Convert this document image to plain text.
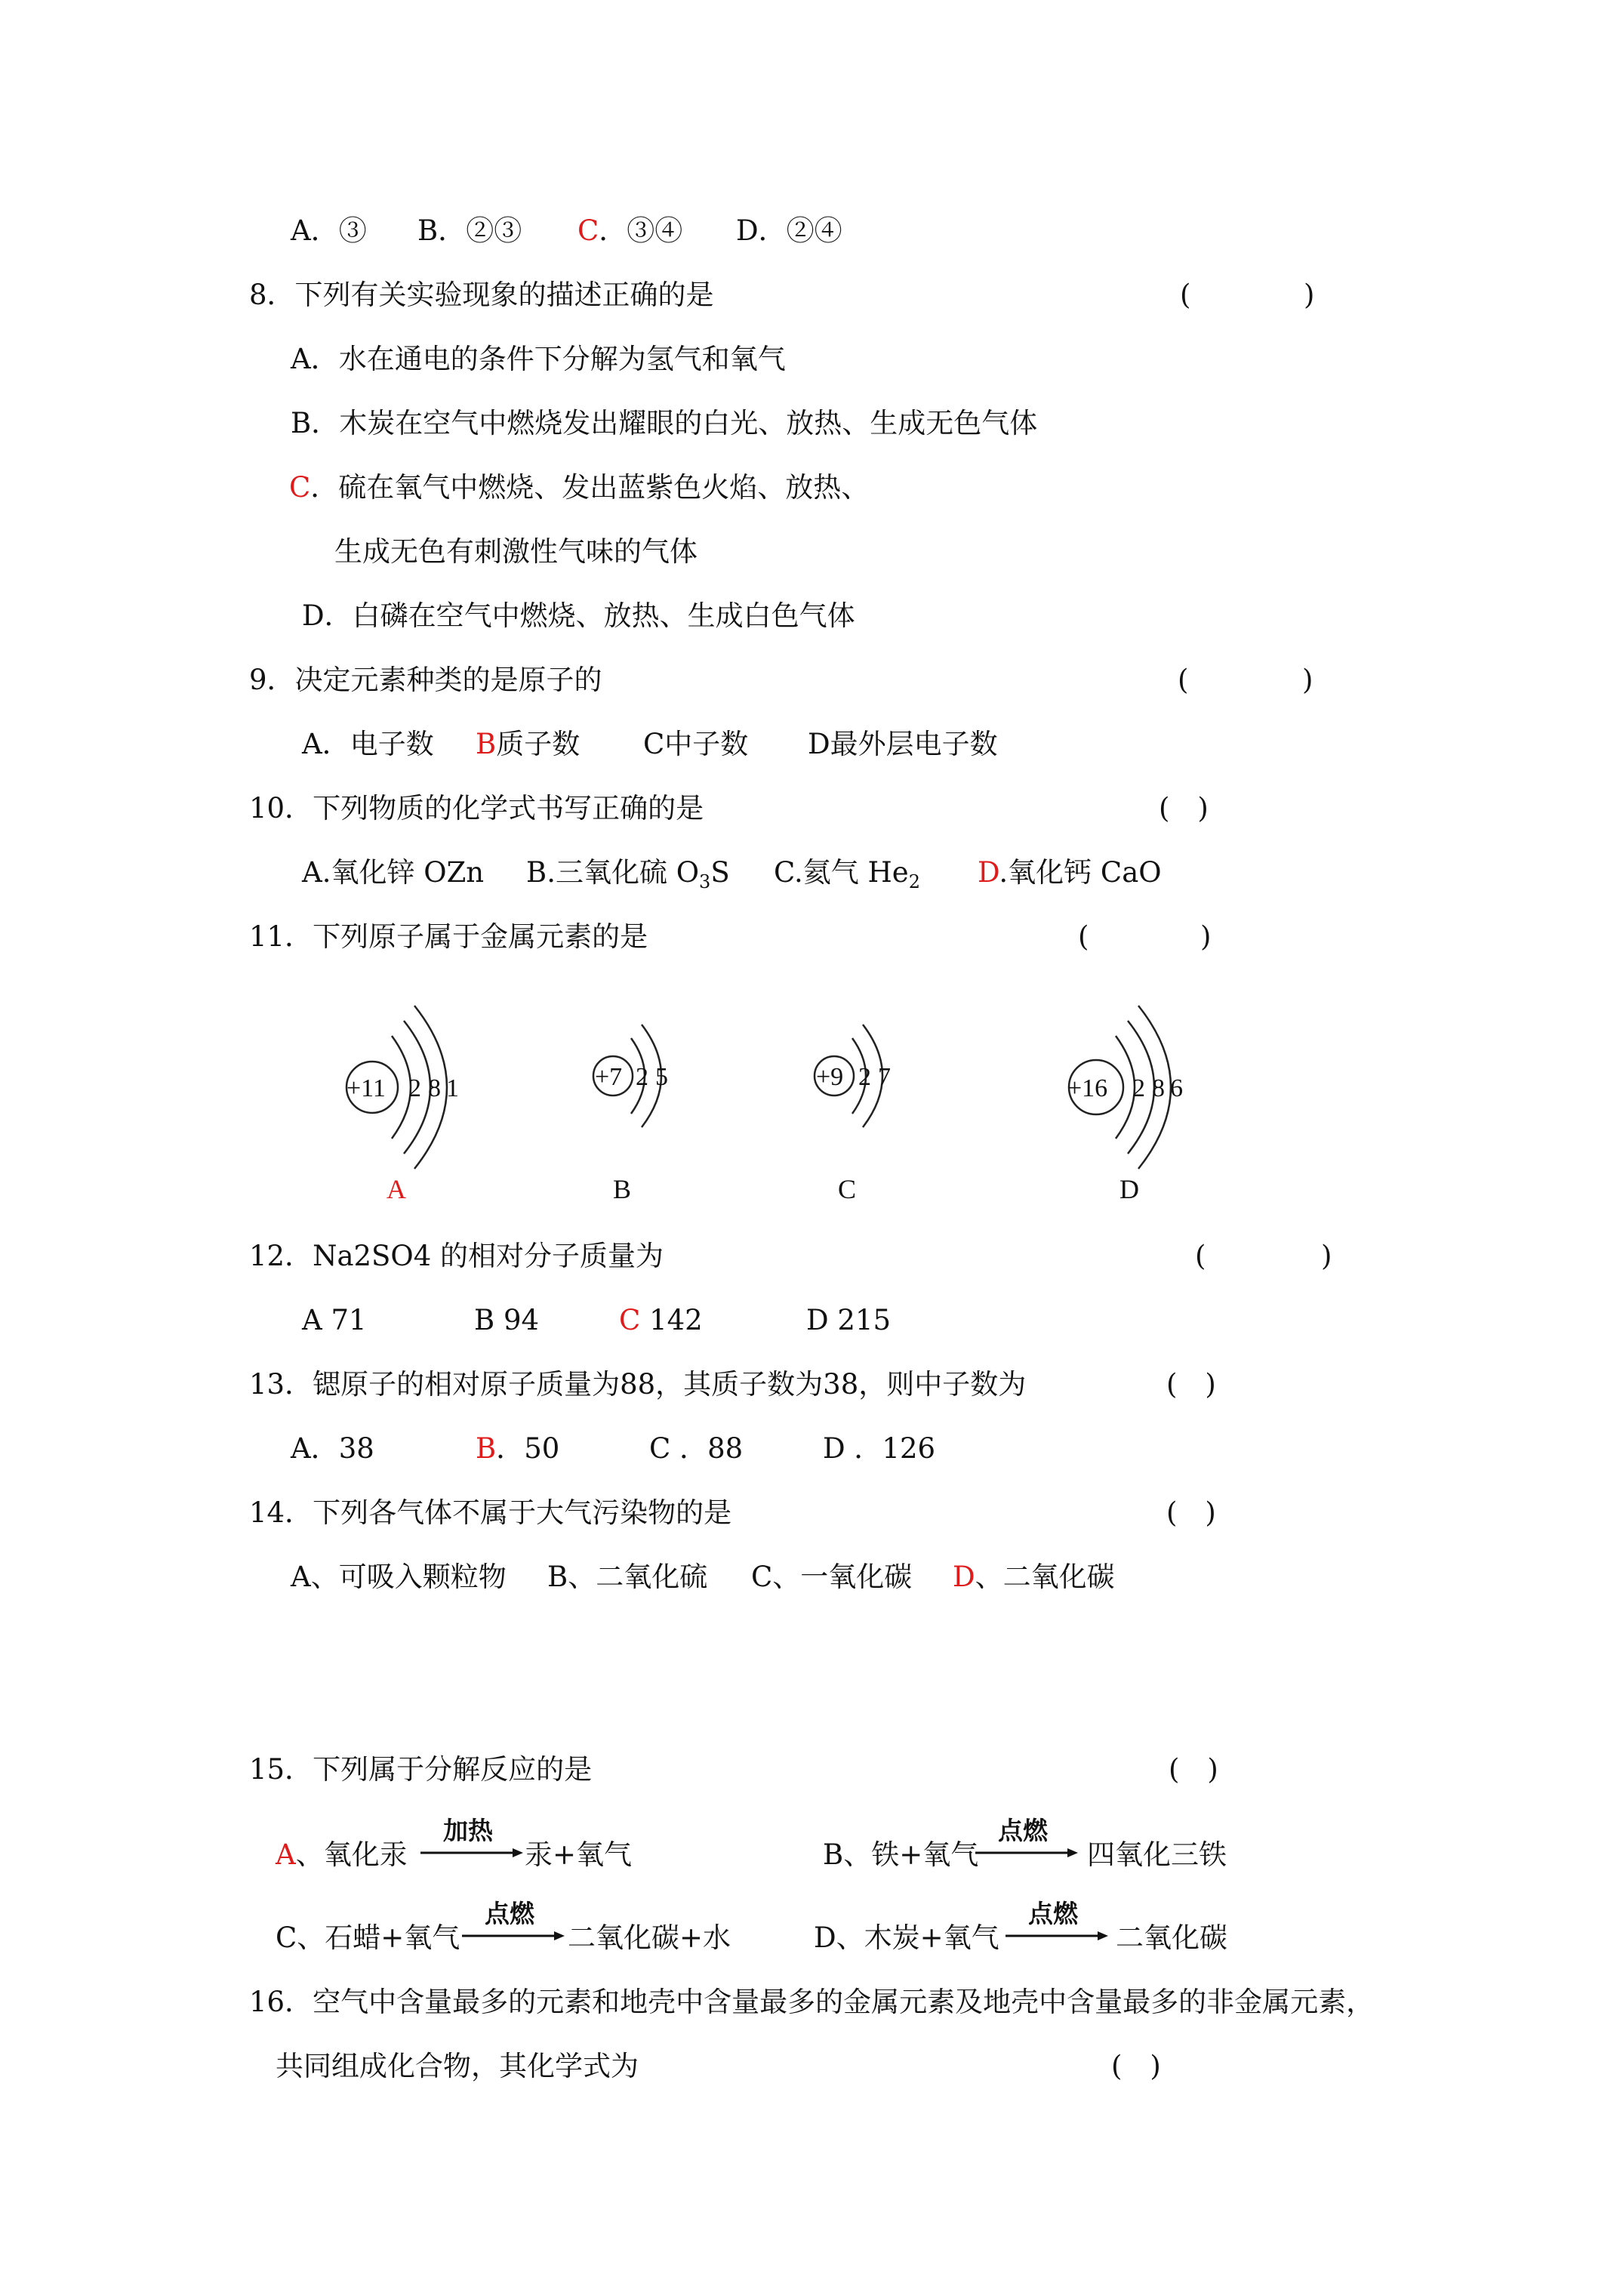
A．③ B．②③ C．③④ D．②④
8．下列有关实验现象的描述正确的是	(	)
A．水在通电的条件下分解为氢气和氧气
B．木炭在空气中燃烧发出耀眼的白光、放热、生成无色气体
C．硫在氧气中燃烧、发出蓝紫色火焰、放热、
生成无色有刺激性气味的气体
D．白磷在空气中燃烧、放热、生成白色气体
9．决定元素种类的是原子的	(	)
A．电子数 B质子数 C中子数 D最外层电子数
10．下列物质的化学式书写正确的是	(　)
A.氧化锌 OZn B.三氧化硫 $O_3S$ C.氦气 $He_2$ D.氧化钙 CaO
11．下列原子属于金属元素的是	(	)
+11 2 8 1	+7 2 5	+9 2 7	+16 2 8 6
A	B	C	D
12．Na2SO4 的相对分子质量为	(	)
A 71	B 94	C 142	D 215
13．锶原子的相对原子质量为88，其质子数为38，则中子数为	(　)
A．38	B．50	C ．88	D ．126
14．下列各气体不属于大气污染物的是	(　)
A、可吸入颗粒物 B、二氧化硫 C、一氧化碳 D、二氧化碳
15．下列属于分解反应的是	(　)
A、氧化汞
加热
汞+氧气	B、铁+氧气
点燃
四氧化三铁
C、石蜡+氧气
点燃
二氧化碳+水	D、木炭+氧气
点燃
二氧化碳
16．空气中含量最多的元素和地壳中含量最多的金属元素及地壳中含量最多的非金属元素，
共同组成化合物，其化学式为	(　)
